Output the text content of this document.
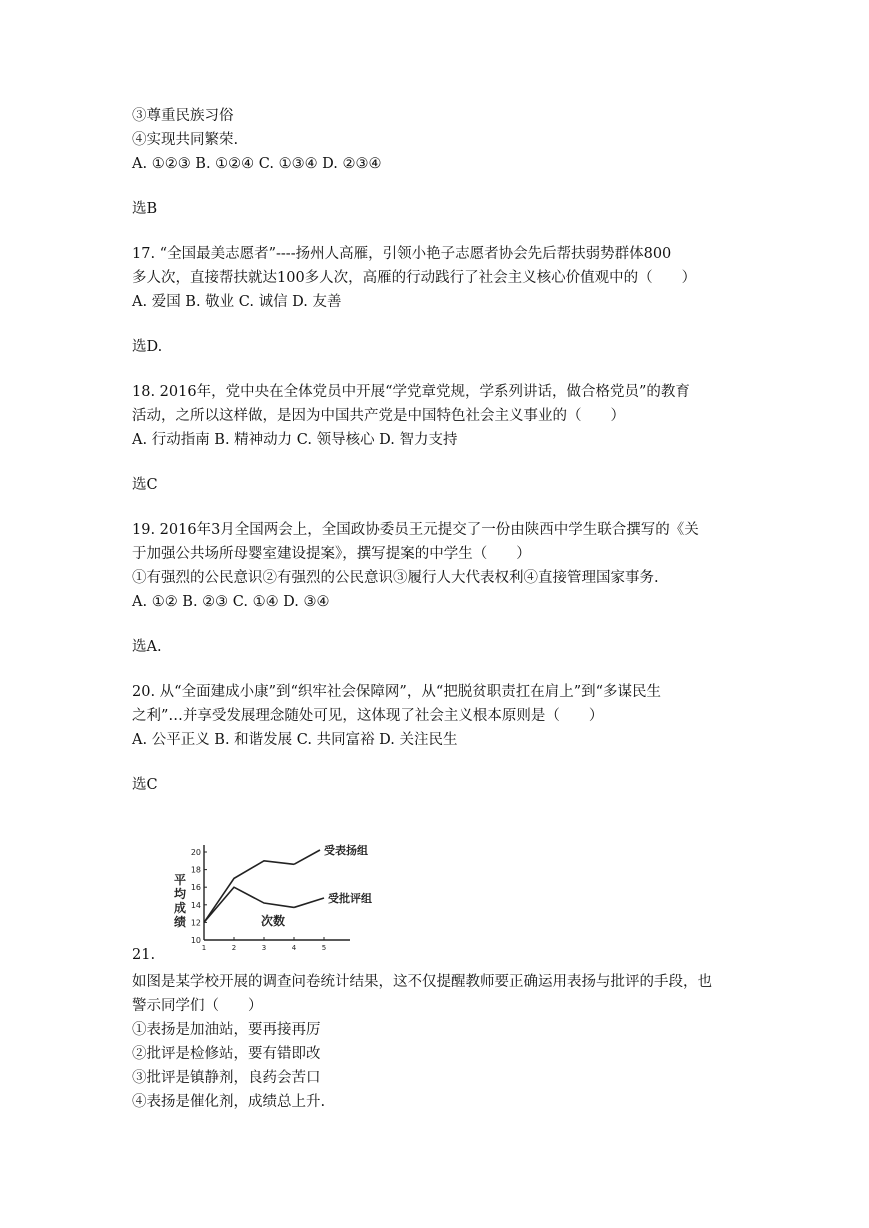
③尊重民族习俗
④实现共同繁荣.
A. ①②③ B. ①②④ C. ①③④ D. ②③④
选B
17. “全国最美志愿者”----扬州人高雁，引领小艳子志愿者协会先后帮扶弱势群体800
多人次，直接帮扶就达100多人次，高雁的行动践行了社会主义核心价值观中的（　　）
A. 爱国 B. 敬业 C. 诚信 D. 友善
选D.
18. 2016年，党中央在全体党员中开展“学党章党规，学系列讲话，做合格党员”的教育
活动，之所以这样做，是因为中国共产党是中国特色社会主义事业的（　　）
A. 行动指南 B. 精神动力 C. 领导核心 D. 智力支持
选C
19. 2016年3月全国两会上，全国政协委员王元提交了一份由陕西中学生联合撰写的《关
于加强公共场所母婴室建设提案》，撰写提案的中学生（　　）
①有强烈的公民意识②有强烈的公民意识③履行人大代表权利④直接管理国家事务.
A. ①② B. ②③ C. ①④ D. ③④
选A.
20. 从“全面建成小康”到“织牢社会保障网”，从“把脱贫职责扛在肩上”到“多谋民生
之利”…并享受发展理念随处可见，这体现了社会主义根本原则是（　　）
A. 公平正义 B. 和谐发展 C. 共同富裕 D. 关注民生
选C
10
12
14
16
18
20
1	2	3	4	5
平
均
成
绩	次数
受表扬组
受批评组
21.
如图是某学校开展的调查问卷统计结果，这不仅提醒教师要正确运用表扬与批评的手段，也
警示同学们（　　）
①表扬是加油站，要再接再厉
②批评是检修站，要有错即改
③批评是镇静剂，良药会苦口
④表扬是催化剂，成绩总上升.
